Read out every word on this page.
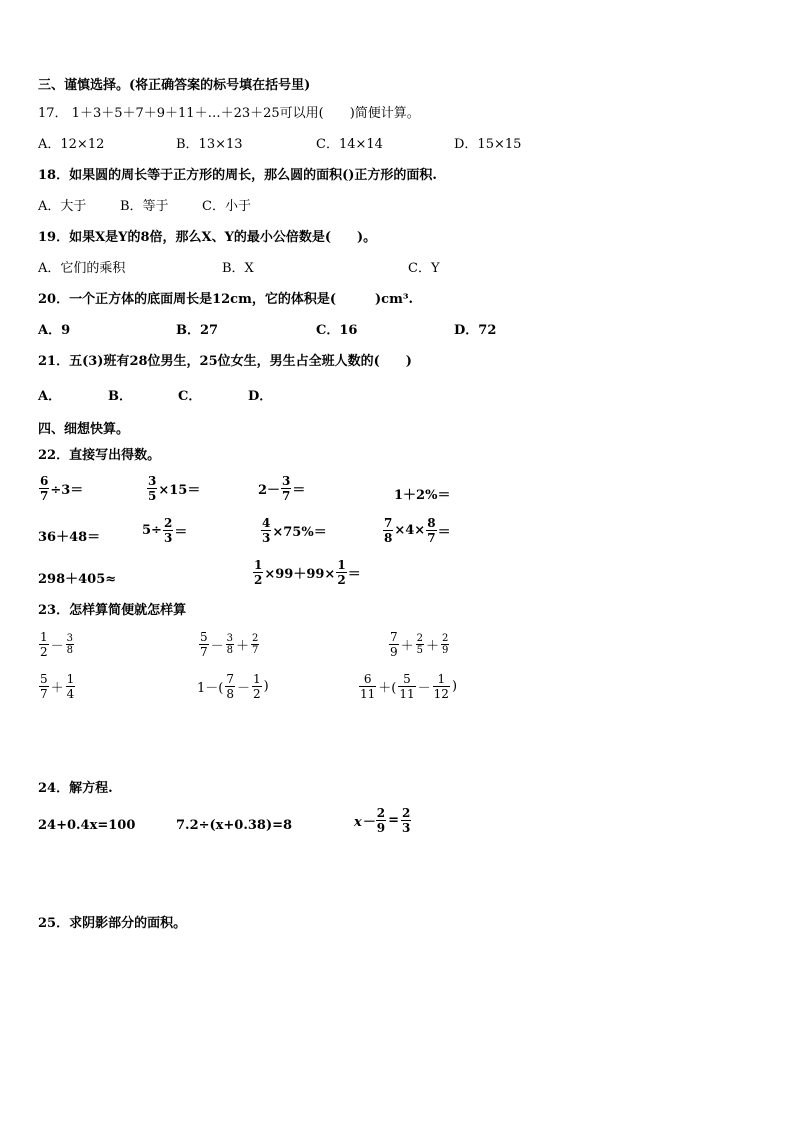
三、谨慎选择。(将正确答案的标号填在括号里)
17． 1＋3＋5＋7＋9＋11＋…＋23＋25可以用(　　)简便计算。
A．12×12	B．13×13	C．14×14	D．15×15
18．如果圆的周长等于正方形的周长，那么圆的面积()正方形的面积.
A．大于	B．等于	C．小于
19．如果X是Y的8倍，那么X、Y的最小公倍数是(　　)。
A．它们的乘积	B．X	C．Y
20．一个正方体的底面周长是12cm，它的体积是(　　　)cm³.
A．9	B．27	C．16	D．72
21．五(3)班有28位男生，25位女生，男生占全班人数的(　　)
A．	B．	C．	D．
四、细想快算。
22．直接写出得数。
$\frac{6}{7} \div 3=$	$\frac{3}{5} \times 15=$	$2- \frac{3}{7}$ ＝	1＋2%＝
36＋48＝	$5\div \frac{2}{3}$ ＝	$\frac{4}{3} \times 75\%=$	$\frac{7}{8} \times 4\times \frac{8}{7}$ ＝
298＋405≈	$\frac{1}{2} \times 99+99\times \frac{1}{2}$ ＝
23．怎样算简便就怎样算
$\frac{1}{2} - \frac{3}{8}$	$\frac{5}{7} - \frac{3}{8} + \frac{2}{7}$	$\frac{7}{9} + \frac{2}{5} + \frac{2}{9}$
$\frac{5}{7} + \frac{1}{4}$	$1-( \frac{7}{8} - \frac{1}{2}$ )	$\frac{6}{11}$ ＋( $\frac{5}{11} - \frac{1}{12}$ )
24．解方程.
24+0.4x=100	7.2÷(x+0.38)=8	$x- \frac{2}{9} = \frac{2}{3}$
25．求阴影部分的面积。
